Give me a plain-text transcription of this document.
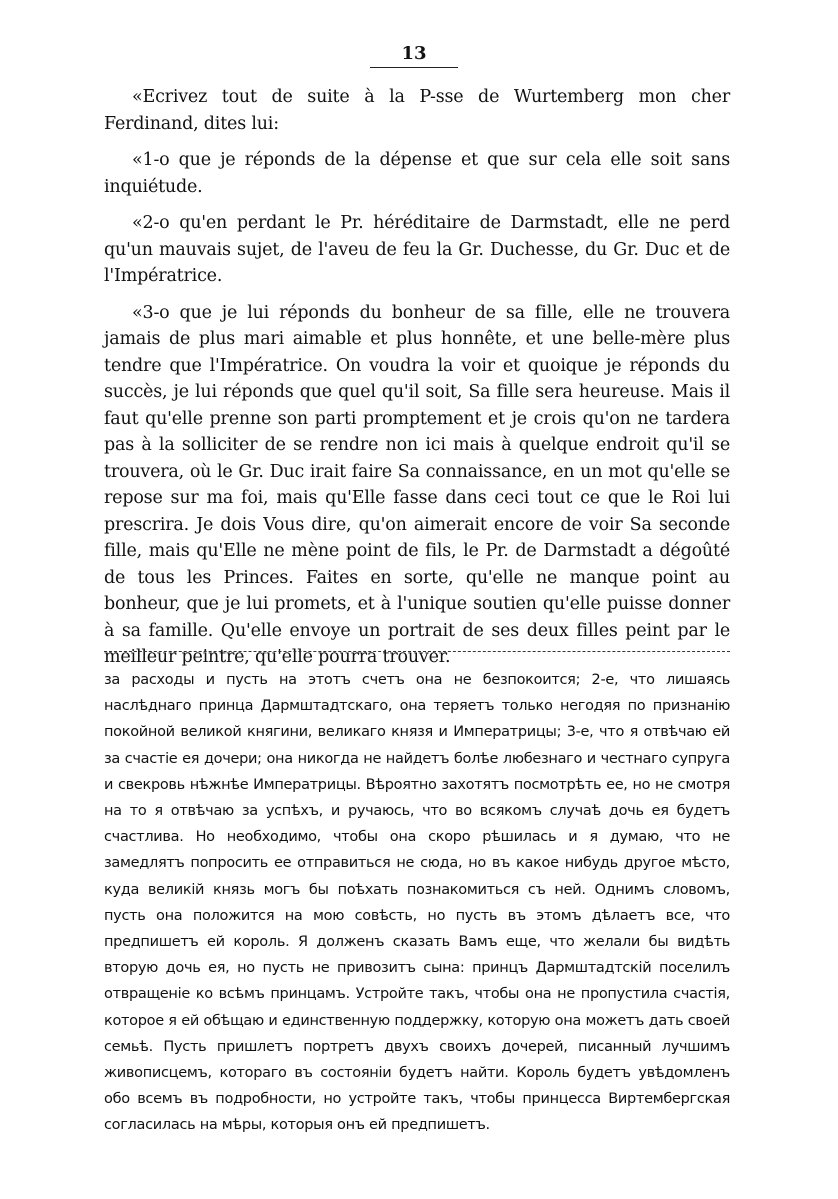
13

«Ecrivez tout de suite à la P-sse de Wurtemberg mon cher Ferdinand, dites lui:

«1-o que je réponds de la dépense et que sur cela elle soit sans inquiétude.

«2-o qu'en perdant le Pr. héréditaire de Darmstadt, elle ne perd qu'un mauvais sujet, de l'aveu de feu la Gr. Duchesse, du Gr. Duc et de l'Impératrice.

«3-o que je lui réponds du bonheur de sa fille, elle ne trouvera jamais de plus mari aimable et plus honnête, et une belle-mère plus tendre que l'Impératrice. On voudra la voir et quoique je réponds du succès, je lui réponds que quel qu'il soit, Sa fille sera heureuse. Mais il faut qu'elle prenne son parti promptement et je crois qu'on ne tardera pas à la solliciter de se rendre non ici mais à quelque endroit qu'il se trouvera, où le Gr. Duc irait faire Sa connaissance, en un mot qu'elle se repose sur ma foi, mais qu'Elle fasse dans ceci tout ce que le Roi lui prescrira. Je dois Vous dire, qu'on aimerait encore de voir Sa seconde fille, mais qu'Elle ne mène point de fils, le Pr. de Darmstadt a dégoûté de tous les Princes. Faites en sorte, qu'elle ne manque point au bonheur, que je lui promets, et à l'unique soutien qu'elle puisse donner à sa famille. Qu'elle envoye un portrait de ses deux filles peint par le meilleur peintre, qu'elle pourra trouver.

за расходы и пусть на этотъ счетъ она не безпокоится; 2-е, что лишаясь наслѣднаго принца Дармштадтскаго, она теряетъ только негодяя по признанію покойной великой княгини, великаго князя и Императрицы; 3-е, что я отвѣчаю ей за счастіе ея дочери; она никогда не найдетъ болѣе любезнаго и честнаго супруга и свекровь нѣжнѣе Императрицы. Вѣроятно захотятъ посмотрѣть ее, но не смотря на то я отвѣчаю за успѣхъ, и ручаюсь, что во всякомъ случаѣ дочь ея будетъ счастлива. Но необходимо, чтобы она скоро рѣшилась и я думаю, что не замедлятъ попросить ее отправиться не сюда, но въ какое нибудь другое мѣсто, куда великій князь могъ бы поѣхать познакомиться съ ней. Однимъ словомъ, пусть она положится на мою совѣсть, но пусть въ этомъ дѣлаетъ все, что предпишетъ ей король. Я долженъ сказать Вамъ еще, что желали бы видѣть вторую дочь ея, но пусть не привозитъ сына: принцъ Дармштадтскій поселилъ отвращеніе ко всѣмъ принцамъ. Устройте такъ, чтобы она не пропустила счастія, которое я ей обѣщаю и единственную поддержку, которую она можетъ дать своей семьѣ. Пусть пришлетъ портретъ двухъ своихъ дочерей, писанный лучшимъ живописцемъ, котораго въ состояніи будетъ найти. Король будетъ увѣдомленъ обо всемъ въ подробности, но устройте такъ, чтобы принцесса Виртембергская согласилась на мѣры, которыя онъ ей предпишетъ.
